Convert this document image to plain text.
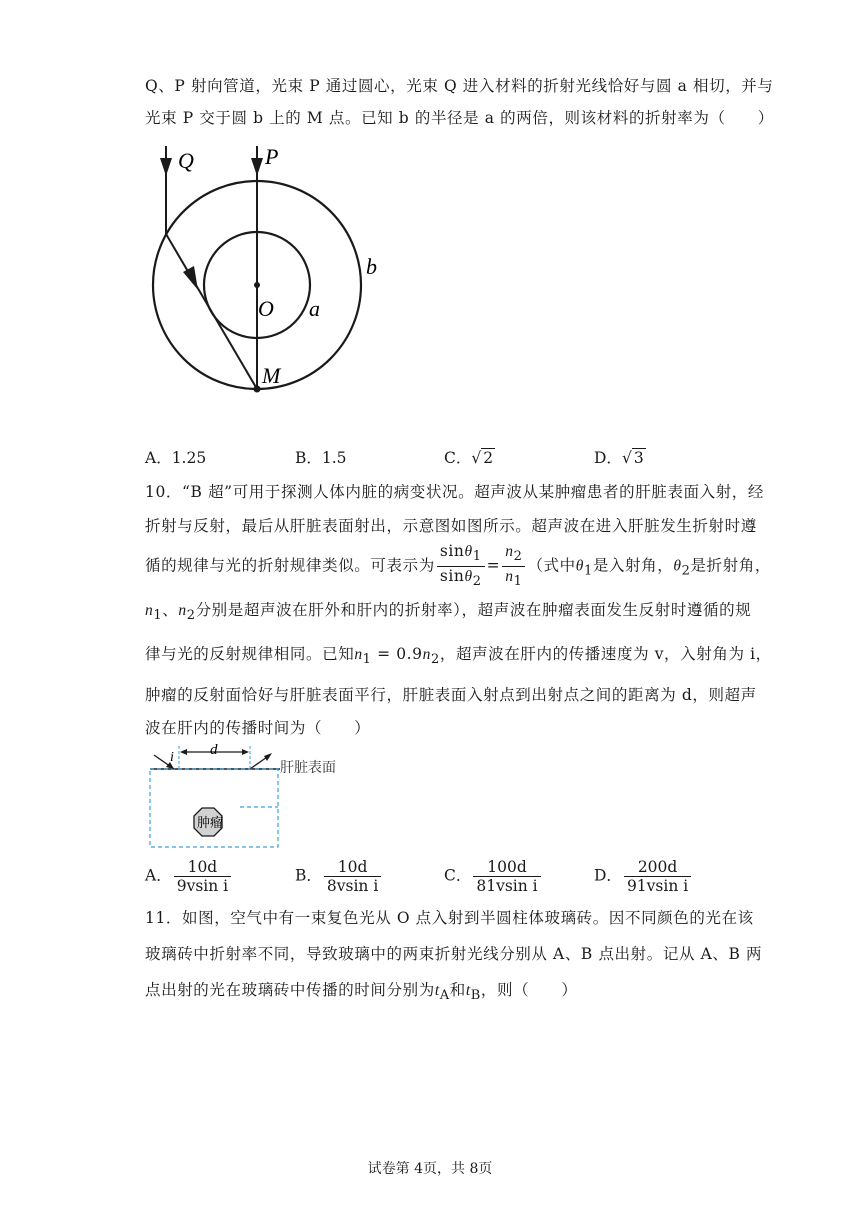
Q、P 射向管道，光束 P 通过圆心，光束 Q 进入材料的折射光线恰好与圆 a 相切，并与
光束 P 交于圆 b 上的 M 点。已知 b 的半径是 a 的两倍，则该材料的折射率为（　　）
Q	P
b
O a
M
A．1.25	B．1.5	C．√ 2	D．√ 3
10．“B 超”可用于探测人体内脏的病变状况。超声波从某肿瘤患者的肝脏表面入射，经
折射与反射，最后从肝脏表面射出，示意图如图所示。超声波在进入肝脏发生折射时遵
循的规律与光的折射规律类似。可表示为 $\frac{\sin\theta_1}{\sin\theta_2} = \frac{n_2}{n_1}$ （式中$\theta_1$是入射角，$\theta_2$是折射角，
$n_1$、$n_2$分别是超声波在肝外和肝内的折射率），超声波在肿瘤表面发生反射时遵循的规
律与光的反射规律相同。已知$n_1 = 0.9n_2$，超声波在肝内的传播速度为 v，入射角为 i，
肿瘤的反射面恰好与肝脏表面平行，肝脏表面入射点到出射点之间的距离为 d，则超声
波在肝内的传播时间为（　　）
i d
肝脏表面
肿瘤
A． $\frac{10d}{\text{9vsin i}}$	B． $\frac{10d}{\text{8vsin i}}$	C． $\frac{100d}{\text{81vsin i}}$	D． $\frac{200d}{\text{91vsin i}}$
11．如图，空气中有一束复色光从 O 点入射到半圆柱体玻璃砖。因不同颜色的光在该
玻璃砖中折射率不同，导致玻璃中的两束折射光线分别从 A、B 点出射。记从 A、B 两
点出射的光在玻璃砖中传播的时间分别为$t_A$和$t_B$，则（　　）
试卷第 4页，共 8页
